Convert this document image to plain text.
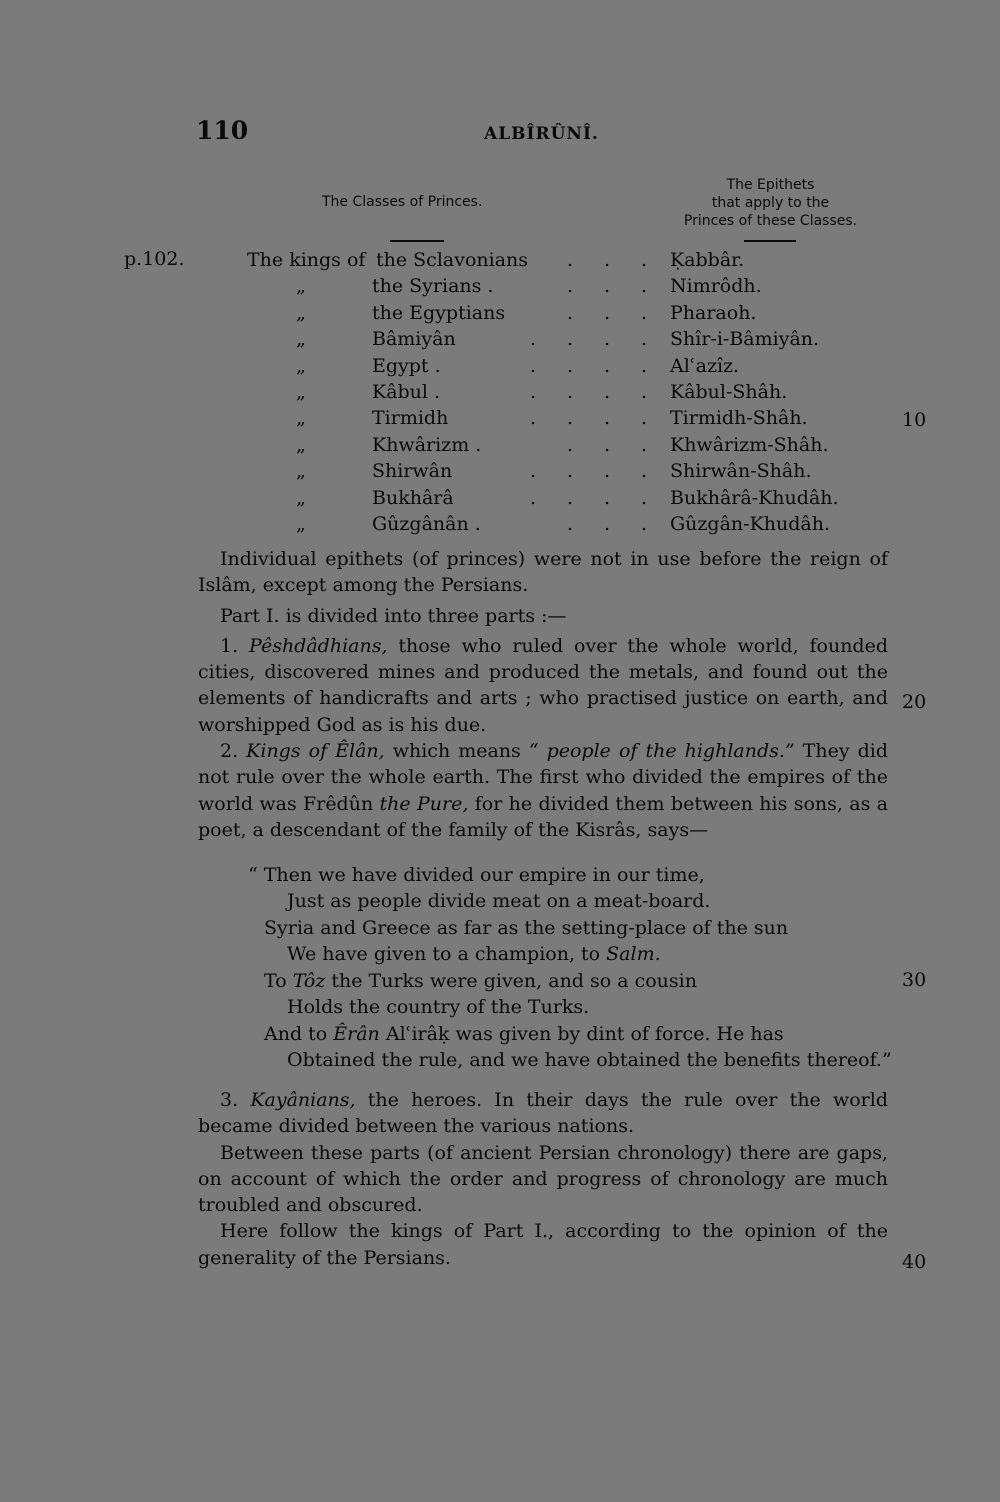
110	ALBÎRÛNÎ.
The Classes of Princes.
The Epithets
that apply to the
Princes of these Classes.
p.102.	The kings of the Sclavonians . . .	Ḳabbâr.
„	the Syrians .	. . .	Nimrôdh.
„	the Egyptians	. . .	Pharaoh.
„	Bâmiyân	. . . .	Shîr-i-Bâmiyân.
„	Egypt .	. . . .	Alʿazîz.
„	Kâbul .	. . . .	Kâbul-Shâh.
„	Tirmidh	. . . .	Tirmidh-Shâh.
„	Khwârizm .	. . .	Khwârizm-Shâh.
„	Shirwân	. . . .	Shirwân-Shâh.
„	Bukhârâ	. . . .	Bukhârâ-Khudâh.
„	Gûzgânân .	. . .	Gûzgân-Khudâh.
10
20
30
40

Individual epithets (of princes) were not in use before the reign of Islâm, except among the Persians.

Part I. is divided into three parts :—

1. Pêshdâdhians, those who ruled over the whole world, founded cities, discovered mines and produced the metals, and found out the elements of handicrafts and arts ; who practised justice on earth, and worshipped God as is his due.

2. Kings of Êlân, which means “ people of the highlands.” They did not rule over the whole earth. The first who divided the empires of the world was Frêdûn the Pure, for he divided them between his sons, as a poet, a descendant of the family of the Kisrâs, says—

“ Then we have divided our empire in our time,
Just as people divide meat on a meat-board.
Syria and Greece as far as the setting-place of the sun
We have given to a champion, to Salm.
To Tôz the Turks were given, and so a cousin
Holds the country of the Turks.
And to Êrân Alʿirâḳ was given by dint of force. He has
Obtained the rule, and we have obtained the benefits thereof.”

3. Kayânians, the heroes. In their days the rule over the world became divided between the various nations.

Between these parts (of ancient Persian chronology) there are gaps, on account of which the order and progress of chronology are much troubled and obscured.

Here follow the kings of Part I., according to the opinion of the generality of the Persians.
